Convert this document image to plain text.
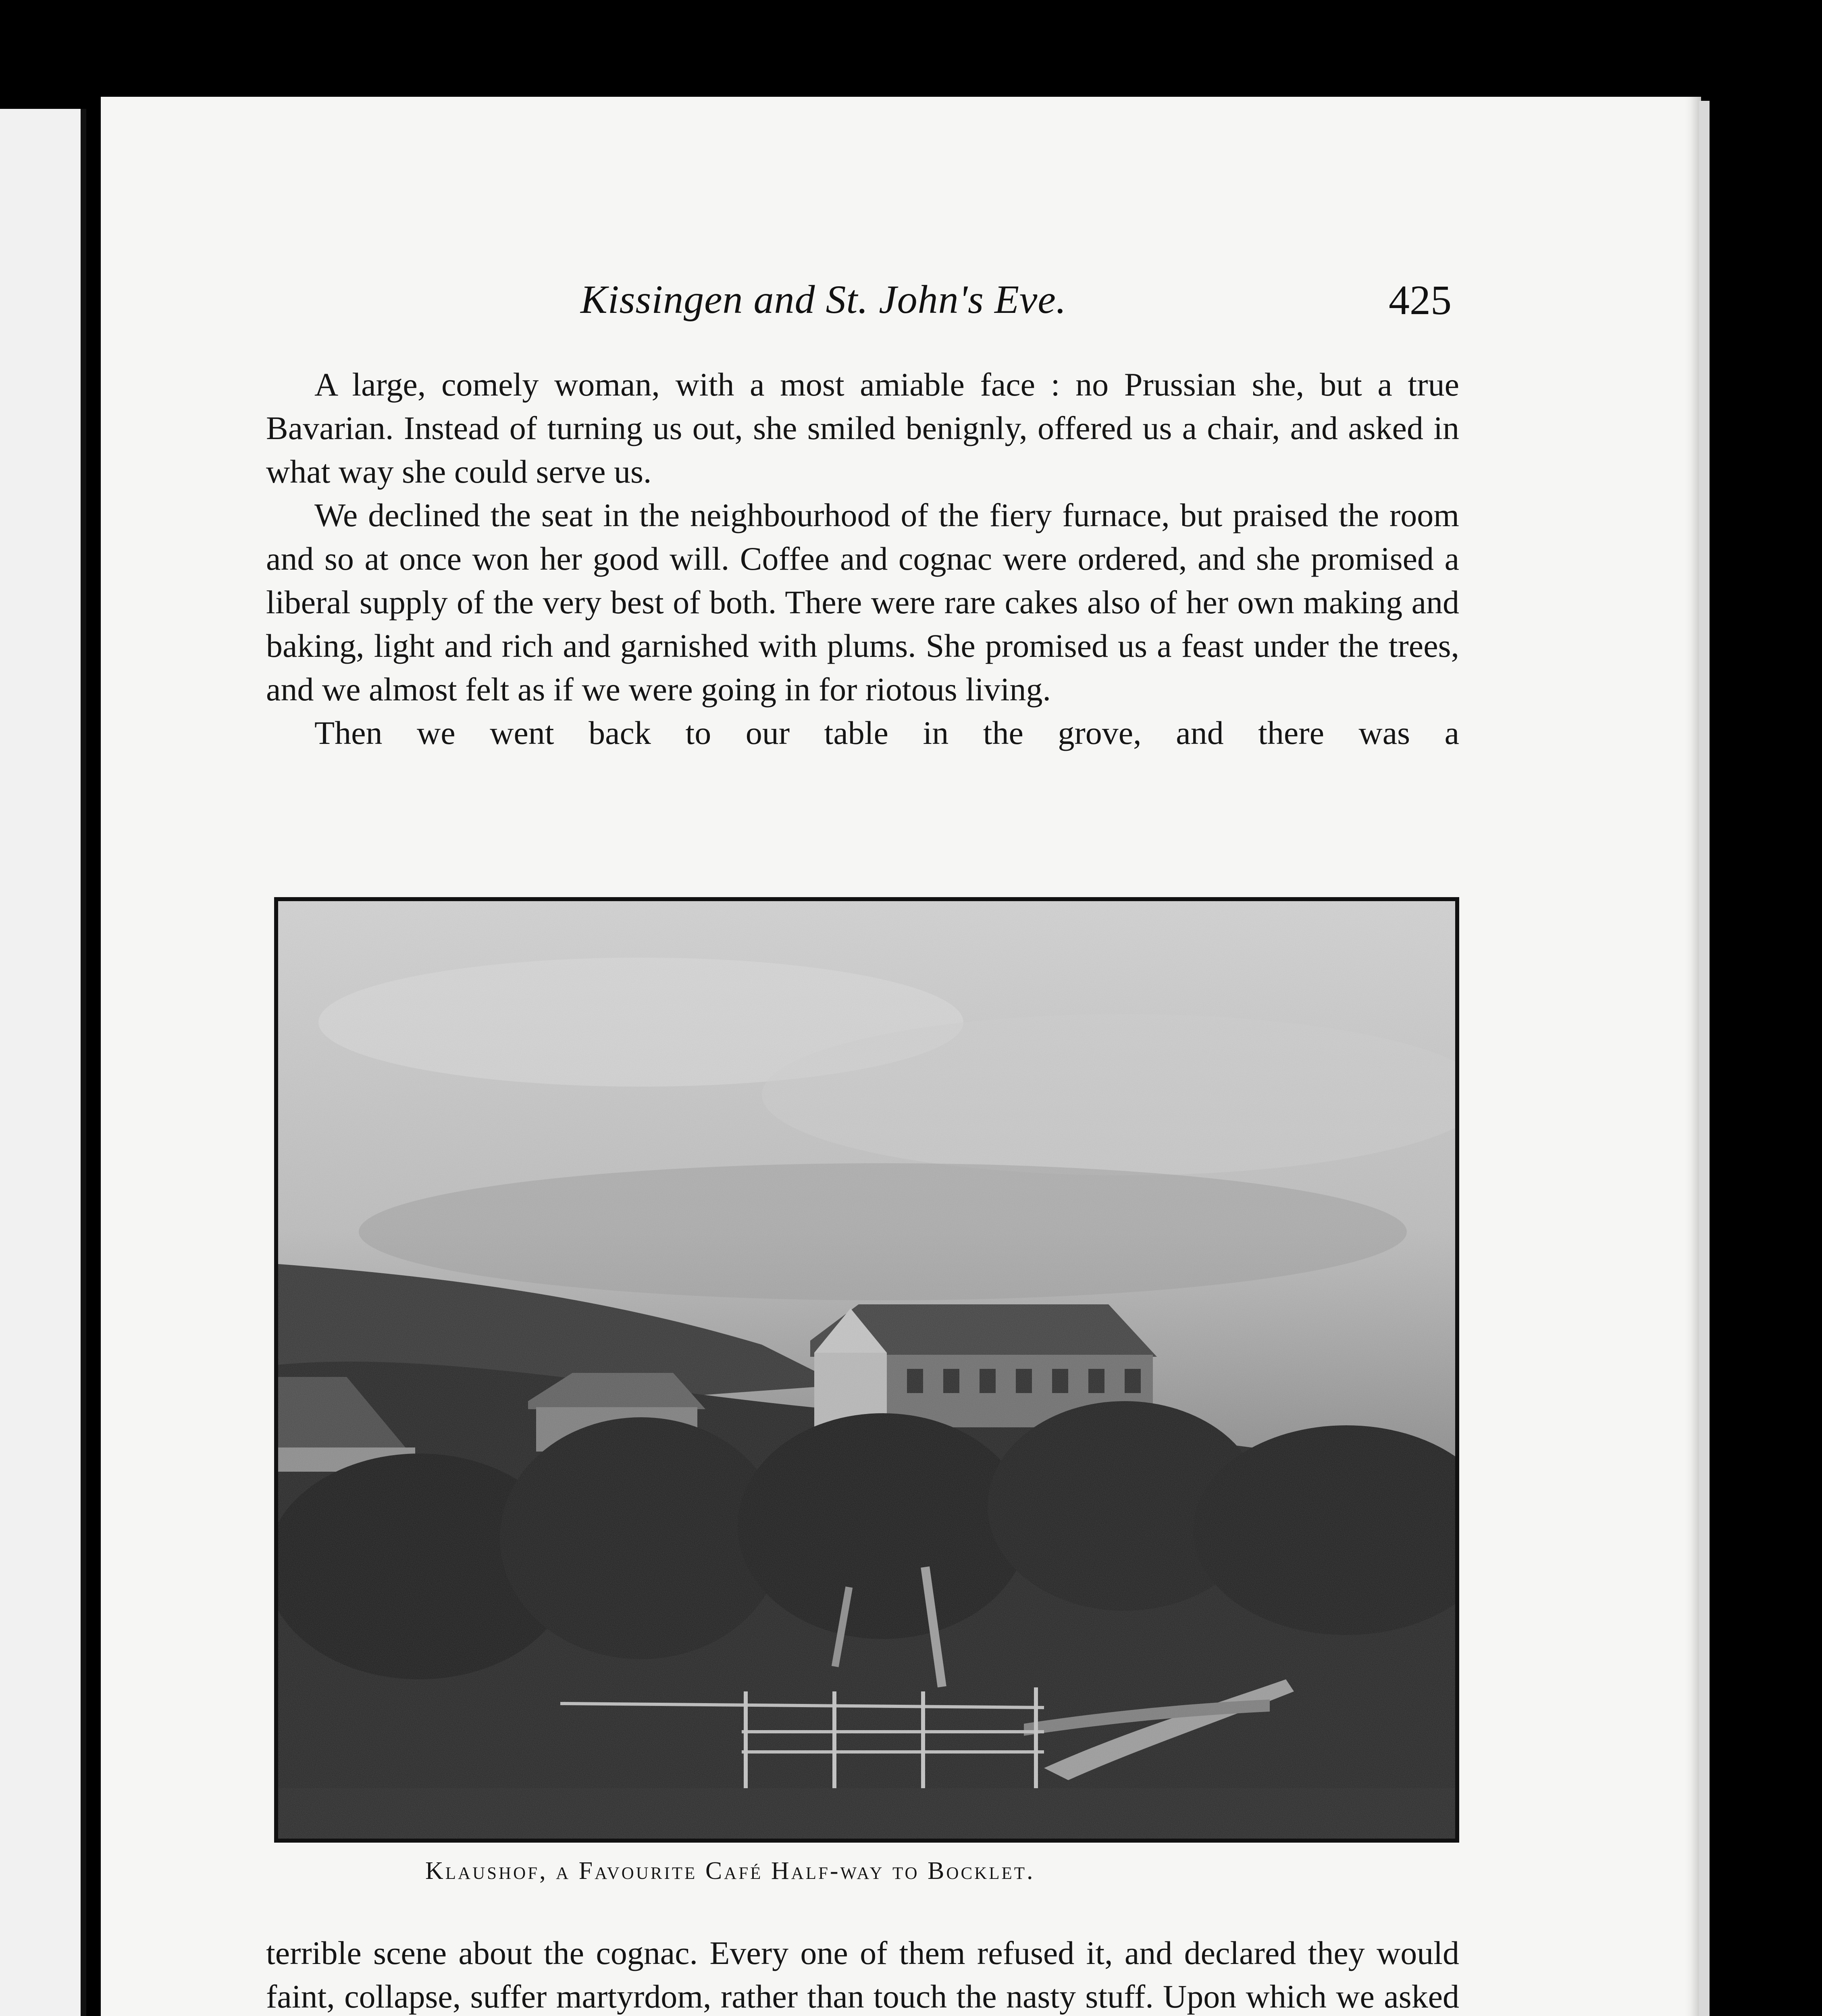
Kissingen and St. John's Eve.	425

A large, comely woman, with a most amiable face : no Prussian she, but a true Bavarian. Instead of turning us out, she smiled benignly, offered us a chair, and asked in what way she could serve us.

We declined the seat in the neighbourhood of the fiery furnace, but praised the room and so at once won her good will. Coffee and cognac were ordered, and she promised a liberal supply of the very best of both. There were rare cakes also of her own making and baking, light and rich and garnished with plums. She promised us a feast under the trees, and we almost felt as if we were going in for riotous living.

Then we went back to our table in the grove, and there was a

Klaushof, a Favourite Café Half-way to Bocklet.

terrible scene about the cognac. Every one of them refused it, and declared they would faint, collapse, suffer martyrdom, rather than touch the nasty stuff. Upon which we asked
